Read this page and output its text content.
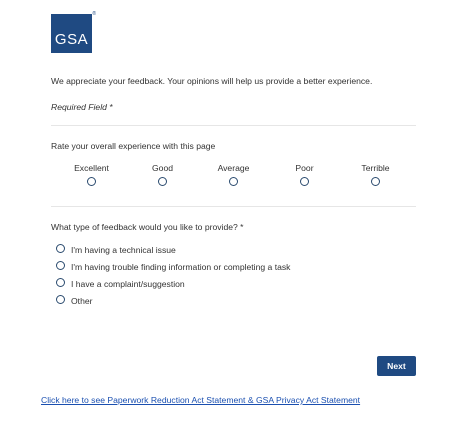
GSA
®
We appreciate your feedback. Your opinions will help us provide a better experience.
Required Field *
Rate your overall experience with this page
Excellent	Good	Average	Poor	Terrible
What type of feedback would you like to provide? *
I'm having a technical issue
I'm having trouble finding information or completing a task
I have a complaint/suggestion
Other
Next
Click here to see Paperwork Reduction Act Statement & GSA Privacy Act Statement
